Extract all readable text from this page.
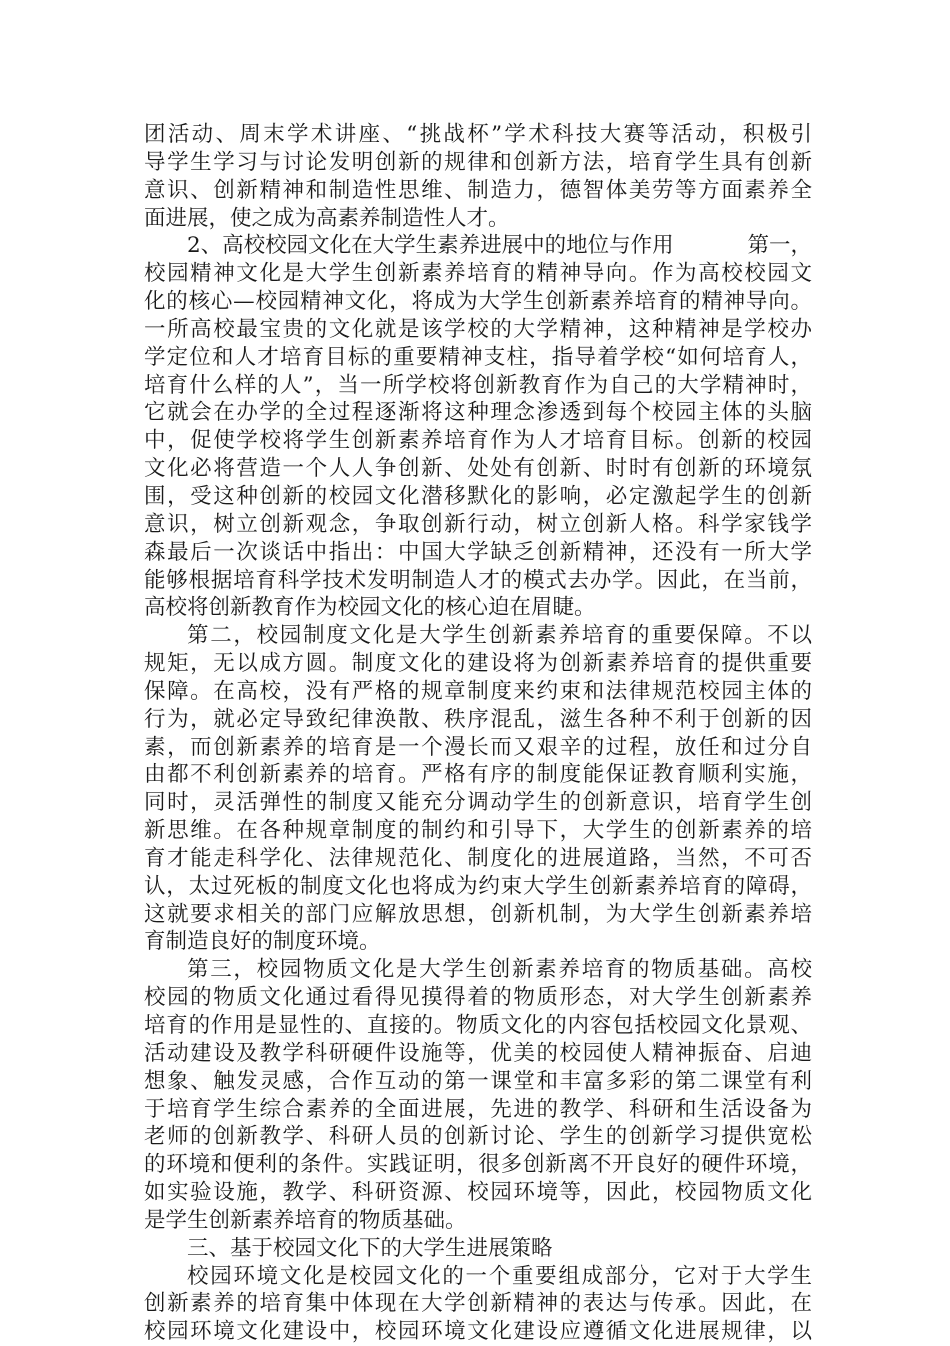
团活动、周末学术讲座、“挑战杯”学术科技大赛等活动，积极引
导学生学习与讨论发明创新的规律和创新方法，培育学生具有创新
意识、创新精神和制造性思维、制造力，德智体美劳等方面素养全
面进展，使之成为高素养制造性人才。
2、高校校园文化在大学生素养进展中的地位与作用	第一，
校园精神文化是大学生创新素养培育的精神导向。作为高校校园文
化的核心—校园精神文化，将成为大学生创新素养培育的精神导向。
一所高校最宝贵的文化就是该学校的大学精神，这种精神是学校办
学定位和人才培育目标的重要精神支柱，指导着学校“如何培育人，
培育什么样的人”，当一所学校将创新教育作为自己的大学精神时，
它就会在办学的全过程逐渐将这种理念渗透到每个校园主体的头脑
中，促使学校将学生创新素养培育作为人才培育目标。创新的校园
文化必将营造一个人人争创新、处处有创新、时时有创新的环境氛
围，受这种创新的校园文化潜移默化的影响，必定激起学生的创新
意识，树立创新观念，争取创新行动，树立创新人格。科学家钱学
森最后一次谈话中指出：中国大学缺乏创新精神，还没有一所大学
能够根据培育科学技术发明制造人才的模式去办学。因此，在当前，
高校将创新教育作为校园文化的核心迫在眉睫。
第二，校园制度文化是大学生创新素养培育的重要保障。不以
规矩，无以成方圆。制度文化的建设将为创新素养培育的提供重要
保障。在高校，没有严格的规章制度来约束和法律规范校园主体的
行为，就必定导致纪律涣散、秩序混乱，滋生各种不利于创新的因
素，而创新素养的培育是一个漫长而又艰辛的过程，放任和过分自
由都不利创新素养的培育。严格有序的制度能保证教育顺利实施，
同时，灵活弹性的制度又能充分调动学生的创新意识，培育学生创
新思维。在各种规章制度的制约和引导下，大学生的创新素养的培
育才能走科学化、法律规范化、制度化的进展道路，当然，不可否
认，太过死板的制度文化也将成为约束大学生创新素养培育的障碍，
这就要求相关的部门应解放思想，创新机制，为大学生创新素养培
育制造良好的制度环境。
第三，校园物质文化是大学生创新素养培育的物质基础。高校
校园的物质文化通过看得见摸得着的物质形态，对大学生创新素养
培育的作用是显性的、直接的。物质文化的内容包括校园文化景观、
活动建设及教学科研硬件设施等，优美的校园使人精神振奋、启迪
想象、触发灵感，合作互动的第一课堂和丰富多彩的第二课堂有利
于培育学生综合素养的全面进展，先进的教学、科研和生活设备为
老师的创新教学、科研人员的创新讨论、学生的创新学习提供宽松
的环境和便利的条件。实践证明，很多创新离不开良好的硬件环境，
如实验设施，教学、科研资源、校园环境等，因此，校园物质文化
是学生创新素养培育的物质基础。
三、基于校园文化下的大学生进展策略
校园环境文化是校园文化的一个重要组成部分，它对于大学生
创新素养的培育集中体现在大学创新精神的表达与传承。因此，在
校园环境文化建设中，校园环境文化建设应遵循文化进展规律，以
